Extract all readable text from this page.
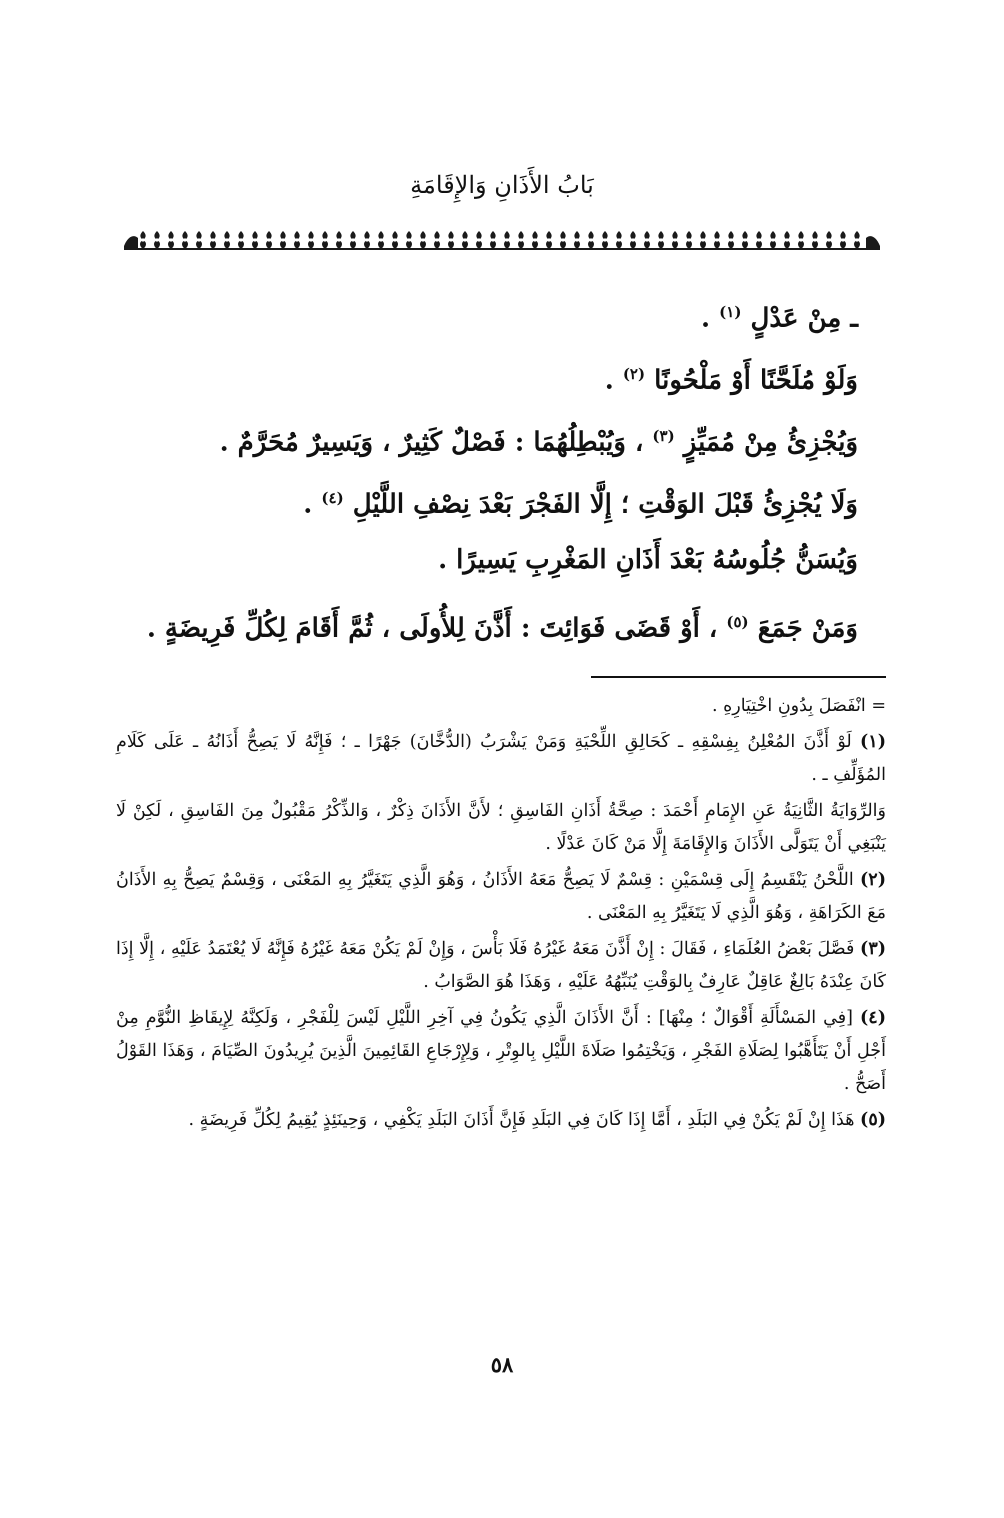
بَابُ الأَذَانِ وَالإِقَامَةِ
ـ مِنْ عَدْلٍ $^{(١)}$ .
وَلَوْ مُلَحَّنًا أَوْ مَلْحُونًا $^{(٢)}$ .
وَيُجْزِئُ مِنْ مُمَيِّزٍ $^{(٣)}$ ، وَيُبْطِلُهُمَا : فَصْلٌ كَثِيرٌ ، وَيَسِيرٌ مُحَرَّمٌ .
وَلَا يُجْزِئُ قَبْلَ الوَقْتِ ؛ إِلَّا الفَجْرَ بَعْدَ نِصْفِ اللَّيْلِ $^{(٤)}$ .
وَيُسَنُّ جُلُوسُهُ بَعْدَ أَذَانِ المَغْرِبِ يَسِيرًا .
وَمَنْ جَمَعَ $^{(٥)}$ ، أَوْ قَضَى فَوَائِتَ : أَذَّنَ لِلأُولَى ، ثُمَّ أَقَامَ لِكُلِّ فَرِيضَةٍ .

= انْفَصَلَ بِدُونِ اخْتِيَارِهِ .

(١) لَوْ أَذَّنَ المُعْلِنُ بِفِسْقِهِ ـ كَحَالِقِ اللِّحْيَةِ وَمَنْ يَشْرَبُ (الدُّخَّانَ) جَهْرًا ـ ؛ فَإِنَّهُ لَا يَصِحُّ أَذَانُهُ ـ عَلَى كَلَامِ المُؤَلِّفِ ـ .

وَالرِّوَايَةُ الثَّانِيَةُ عَنِ الإِمَامِ أَحْمَدَ : صِحَّةُ أَذَانِ الفَاسِقِ ؛ لأَنَّ الأَذَانَ ذِكْرٌ ، وَالذِّكْرُ مَقْبُولٌ مِنَ الفَاسِقِ ، لَكِنْ لَا يَنْبَغِي أَنْ يَتَوَلَّى الأَذَانَ وَالإِقَامَةَ إِلَّا مَنْ كَانَ عَدْلًا .

(٢) اللَّحْنُ يَنْقَسِمُ إِلَى قِسْمَيْنِ : قِسْمٌ لَا يَصِحُّ مَعَهُ الأَذَانُ ، وَهُوَ الَّذِي يَتَغَيَّرُ بِهِ المَعْنَى ، وَقِسْمٌ يَصِحُّ بِهِ الأَذَانُ مَعَ الكَرَاهَةِ ، وَهُوَ الَّذِي لَا يَتَغَيَّرُ بِهِ المَعْنَى .

(٣) فَصَّلَ بَعْضُ العُلَمَاءِ ، فَقَالَ : إِنْ أَذَّنَ مَعَهُ غَيْرُهُ فَلَا بَأْسَ ، وَإِنْ لَمْ يَكُنْ مَعَهُ غَيْرُهُ فَإِنَّهُ لَا يُعْتَمَدُ عَلَيْهِ ، إِلَّا إِذَا كَانَ عِنْدَهُ بَالِغٌ عَاقِلٌ عَارِفٌ بِالوَقْتِ يُنَبِّهُهُ عَلَيْهِ ، وَهَذَا هُوَ الصَّوَابُ .

(٤) [فِي المَسْأَلَةِ أَقْوَالٌ ؛ مِنْهَا] : أَنَّ الأَذَانَ الَّذِي يَكُونُ فِي آخِرِ اللَّيْلِ لَيْسَ لِلْفَجْرِ ، وَلَكِنَّهُ لِإِيقَاظِ النُّوَّمِ مِنْ أَجْلِ أَنْ يَتَأَهَّبُوا لِصَلَاةِ الفَجْرِ ، وَيَخْتِمُوا صَلَاةَ اللَّيْلِ بِالوِتْرِ ، وَلِإِرْجَاعِ القَائِمِينَ الَّذِينَ يُرِيدُونَ الصِّيَامَ ، وَهَذَا القَوْلُ أَصَحُّ .

(٥) هَذَا إِنْ لَمْ يَكُنْ فِي البَلَدِ ، أَمَّا إِذَا كَانَ فِي البَلَدِ فَإِنَّ أَذَانَ البَلَدِ يَكْفِي ، وَحِينَئِذٍ يُقِيمُ لِكُلِّ فَرِيضَةٍ .

٥٨
